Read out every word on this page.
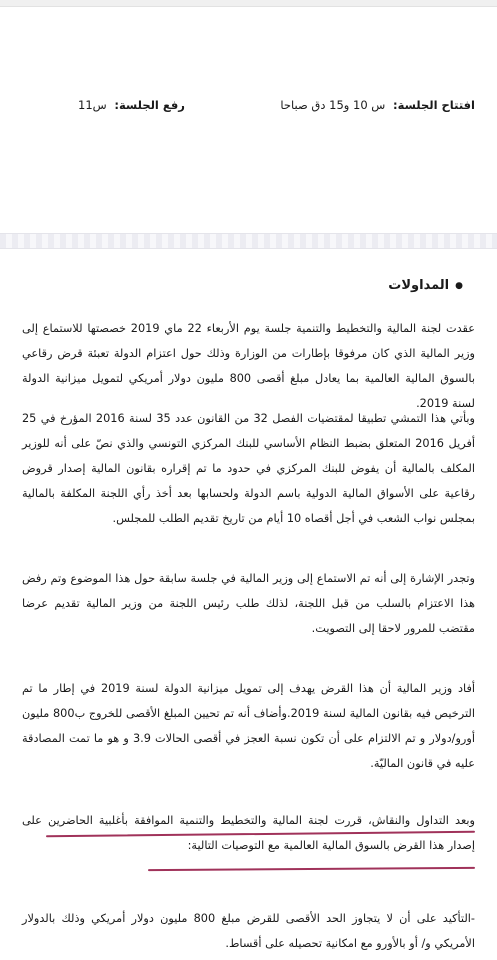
افتتاح الجلسة: س 10 و15 دق صباحا
رفع الجلسة: س11
●المداولات

عقدت لجنة المالية والتخطيط والتنمية جلسة يوم الأربعاء 22 ماي 2019 خصصتها للاستماع إلى وزير المالية الذي كان مرفوقا بإطارات من الوزارة وذلك حول اعتزام الدولة تعبئة قرض رقاعي بالسوق المالية العالمية بما يعادل مبلغ أقصى 800 مليون دولار أمريكي لتمويل ميزانية الدولة لسنة 2019.

وبأتي هذا التمشي تطبيقا لمقتضيات الفصل 32 من القانون عدد 35 لسنة 2016 المؤرخ في 25 أفريل 2016 المتعلق بضبط النظام الأساسي للبنك المركزي التونسي والذي نصّ على أنه للوزير المكلف بالمالية أن يفوض للبنك المركزي في حدود ما تم إقراره بقانون المالية إصدار قروض رقاعية على الأسواق المالية الدولية باسم الدولة ولحسابها بعد أخذ رأي اللجنة المكلفة بالمالية بمجلس نواب الشعب في أجل أقصاه 10 أيام من تاريخ تقديم الطلب للمجلس.

وتجدر الإشارة إلى أنه تم الاستماع إلى وزير المالية في جلسة سابقة حول هذا الموضوع وتم رفض هذا الاعتزام بالسلب من قبل اللجنة، لذلك طلب رئيس اللجنة من وزير المالية تقديم عرضا مقتضب للمرور لاحقا إلى التصويت.

أفاد وزير المالية أن هذا القرض يهدف إلى تمويل ميزانية الدولة لسنة 2019 في إطار ما تم الترخيص فيه بقانون المالية لسنة 2019.وأضاف أنه تم تحيين المبلغ الأقصى للخروج ب800 مليون أورو/دولار و تم الالتزام على أن تكون نسبة العجز في أقصى الحالات 3.9 و هو ما تمت المصادقة عليه في قانون الماليّة.

وبعد التداول والنقاش، قررت لجنة المالية والتخطيط والتنمية الموافقة بأغلبية الحاضرين على إصدار هذا القرض بالسوق المالية العالمية مع التوصيات التالية:

-التأكيد على أن لا يتجاوز الحد الأقصى للقرض مبلغ 800 مليون دولار أمريكي وذلك بالدولار الأمريكي و/ أو بالأورو مع امكانية تحصيله على أقساط.
